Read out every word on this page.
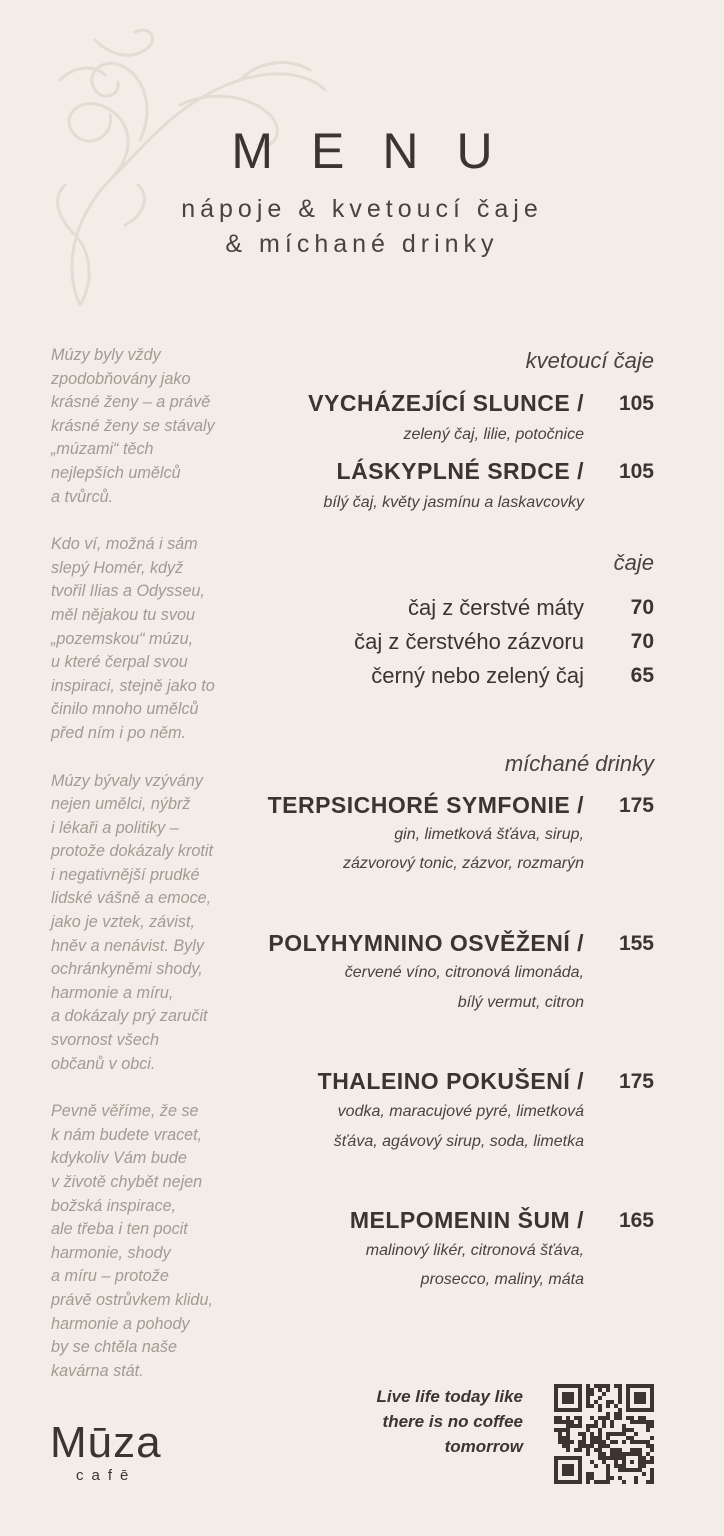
MENU
nápoje & kvetoucí čaje
& míchané drinky

Múzy byly vždy
zpodobňovány jako
krásné ženy – a právě
krásné ženy se stávaly
„múzami“ těch
nejlepších umělců
a tvůrců.

Kdo ví, možná i sám
slepý Homér, když
tvořil Ilias a Odysseu,
měl nějakou tu svou
„pozemskou“ múzu,
u které čerpal svou
inspiraci, stejně jako to
činilo mnoho umělců
před ním i po něm.

Múzy bývaly vzývány
nejen umělci, nýbrž
i lékaři a politiky –
protože dokázaly krotit
i negativnější prudké
lidské vášně a emoce,
jako je vztek, závist,
hněv a nenávist. Byly
ochránkyněmi shody,
harmonie a míru,
a dokázaly prý zaručit
svornost všech
občanů v obci.

Pevně věříme, že se
k nám budete vracet,
kdykoliv Vám bude
v životě chybět nejen
božská inspirace,
ale třeba i ten pocit
harmonie, shody
a míru – protože
právě ostrůvkem klidu,
harmonie a pohody
by se chtěla naše
kavárna stát.

kvetoucí čaje
VYCHÁZEJÍCÍ SLUNCE /	105
zelený čaj, lilie, potočnice
LÁSKYPLNÉ SRDCE /	105
bílý čaj, květy jasmínu a laskavcovky
čaje
čaj z čerstvé máty	70
čaj z čerstvého zázvoru	70
černý nebo zelený čaj	65
míchané drinky
TERPSICHORÉ SYMFONIE /	175
gin, limetková šťáva, sirup,
zázvorový tonic, zázvor, rozmarýn
POLYHYMNINO OSVĚŽENÍ /	155
červené víno, citronová limonáda,
bílý vermut, citron
THALEINO POKUŠENÍ /	175
vodka, maracujové pyré, limetková
šťáva, agávový sirup, soda, limetka
MELPOMENIN ŠUM /	165
malinový likér, citronová šťáva,
prosecco, maliny, máta
Live life today like
there is no coffee
tomorrow
Mūza
cafē
